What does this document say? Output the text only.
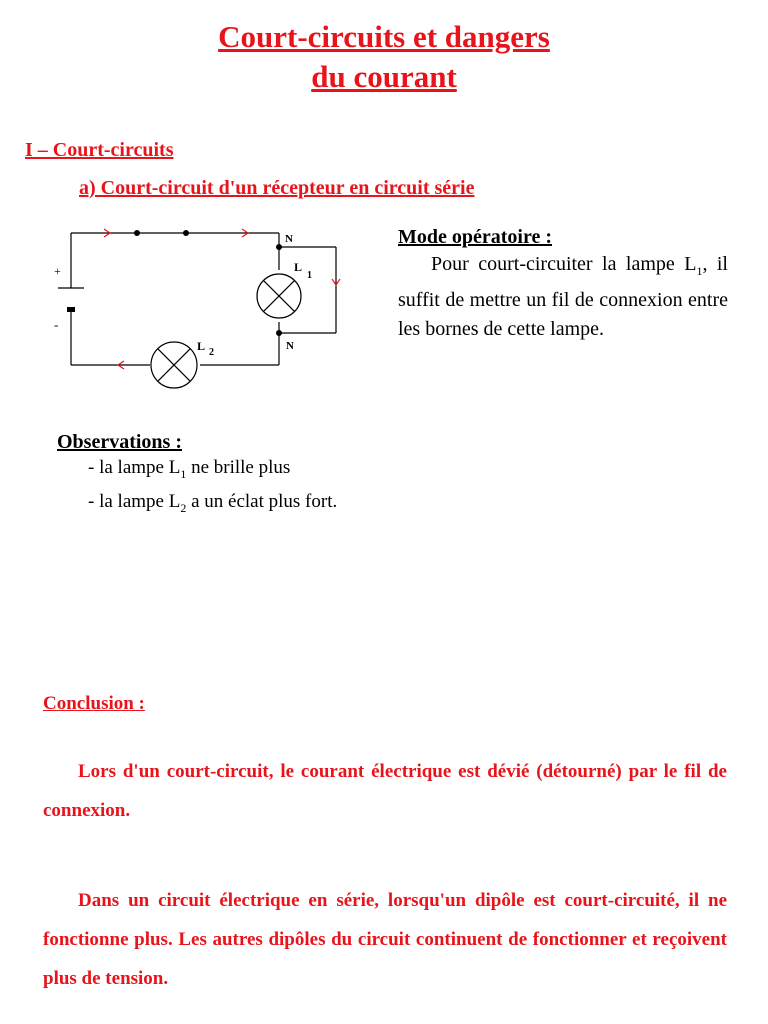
Court-circuits et dangers
du courant
I – Court-circuits
a) Court-circuit d'un récepteur en circuit série
+
-
N
N
L
1
L 2
Mode opératoire :
Pour court-circuiter la lampe $L_1$, il suffit de mettre un fil de connexion entre les bornes de cette lampe.
Observations :
- la lampe $L_1$ ne brille plus
- la lampe $L_2$ a un éclat plus fort.
Conclusion :
Lors d'un court-circuit, le courant électrique est dévié (détourné) par le fil de connexion.
Dans un circuit électrique en série, lorsqu'un dipôle est court-circuité, il ne fonctionne plus. Les autres dipôles du circuit continuent de fonctionner et reçoivent plus de tension.
